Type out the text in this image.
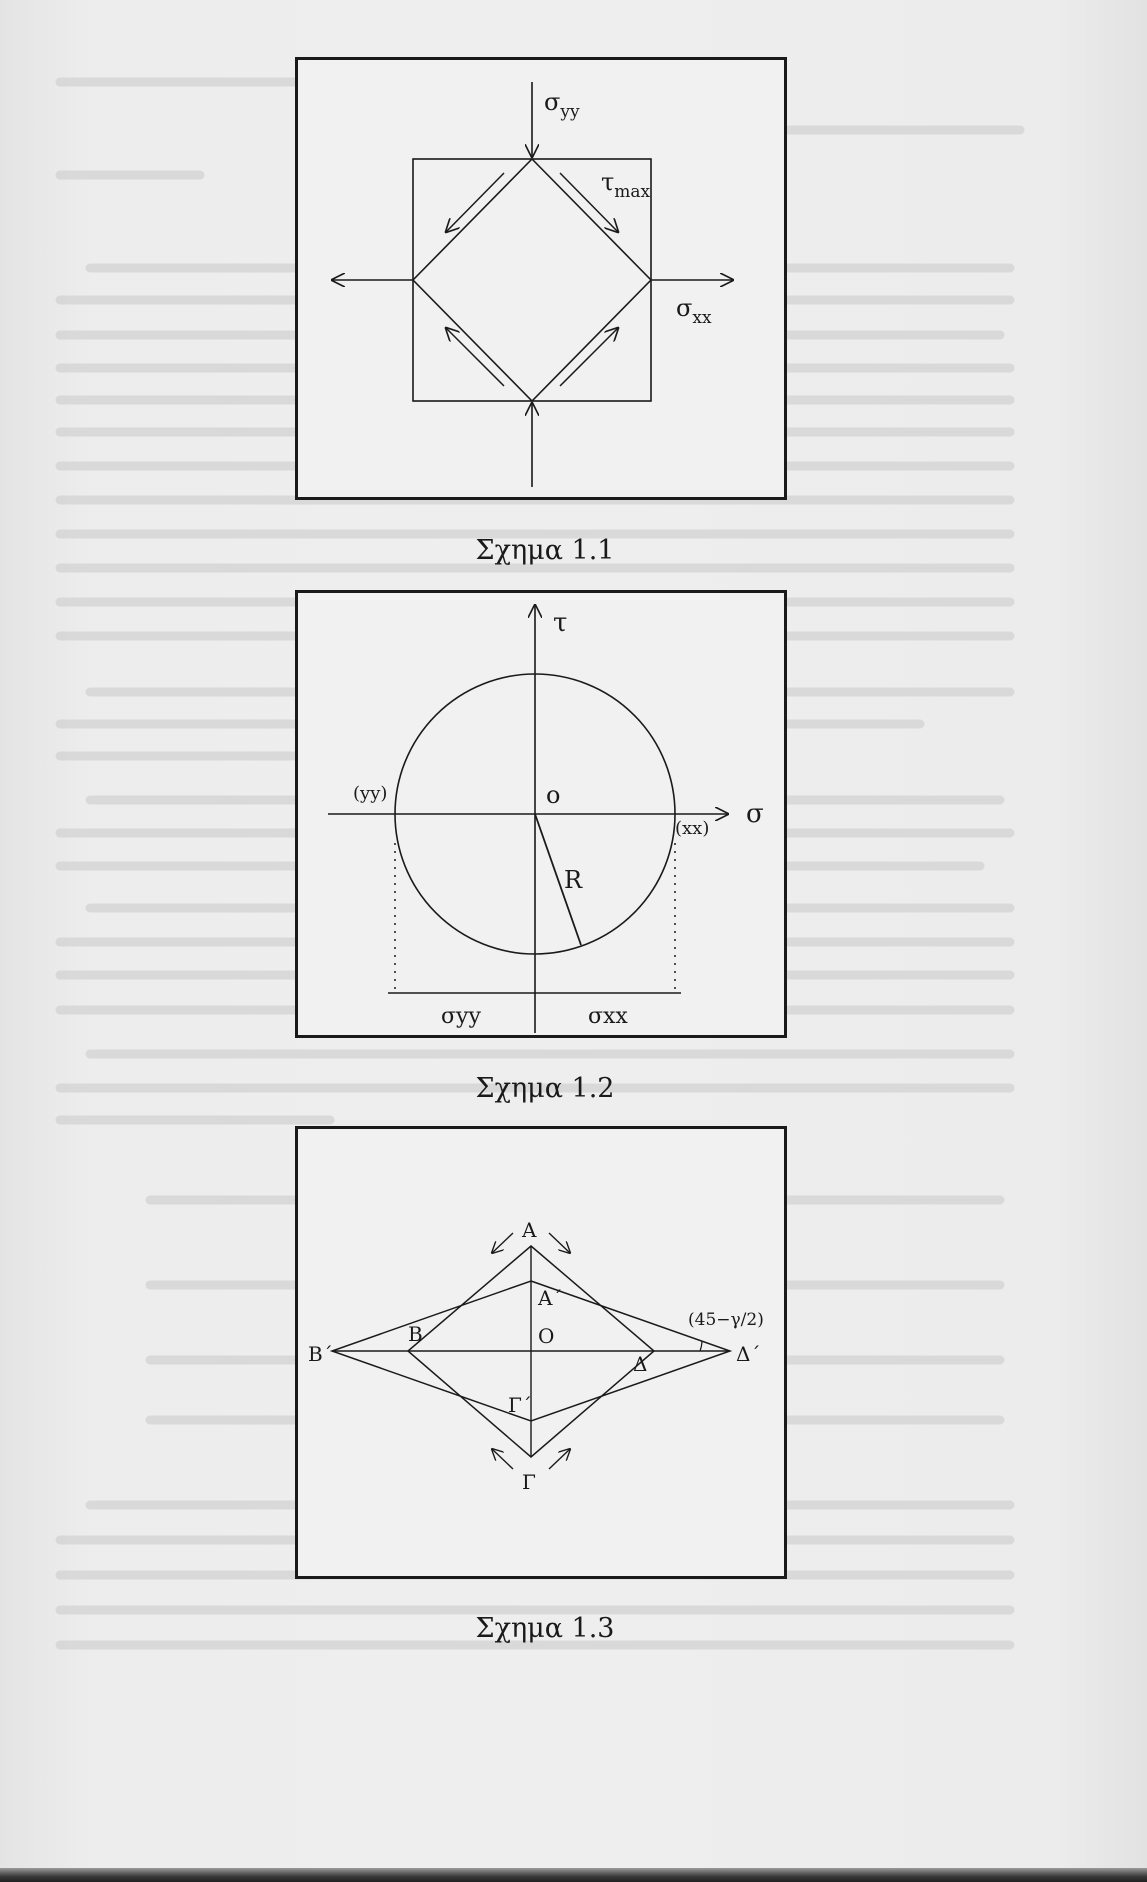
$\sigma_{yy}$
$\tau_{max}$
$\sigma_{xx}$
Σχημα 1.1
τ
σ
o
(yy)
(xx)
R
σyy	σxx
Σχημα 1.2
A
A΄
B
B΄
O
Δ	Δ΄
Γ΄
Γ
(45−γ/2)
Σχημα 1.3
